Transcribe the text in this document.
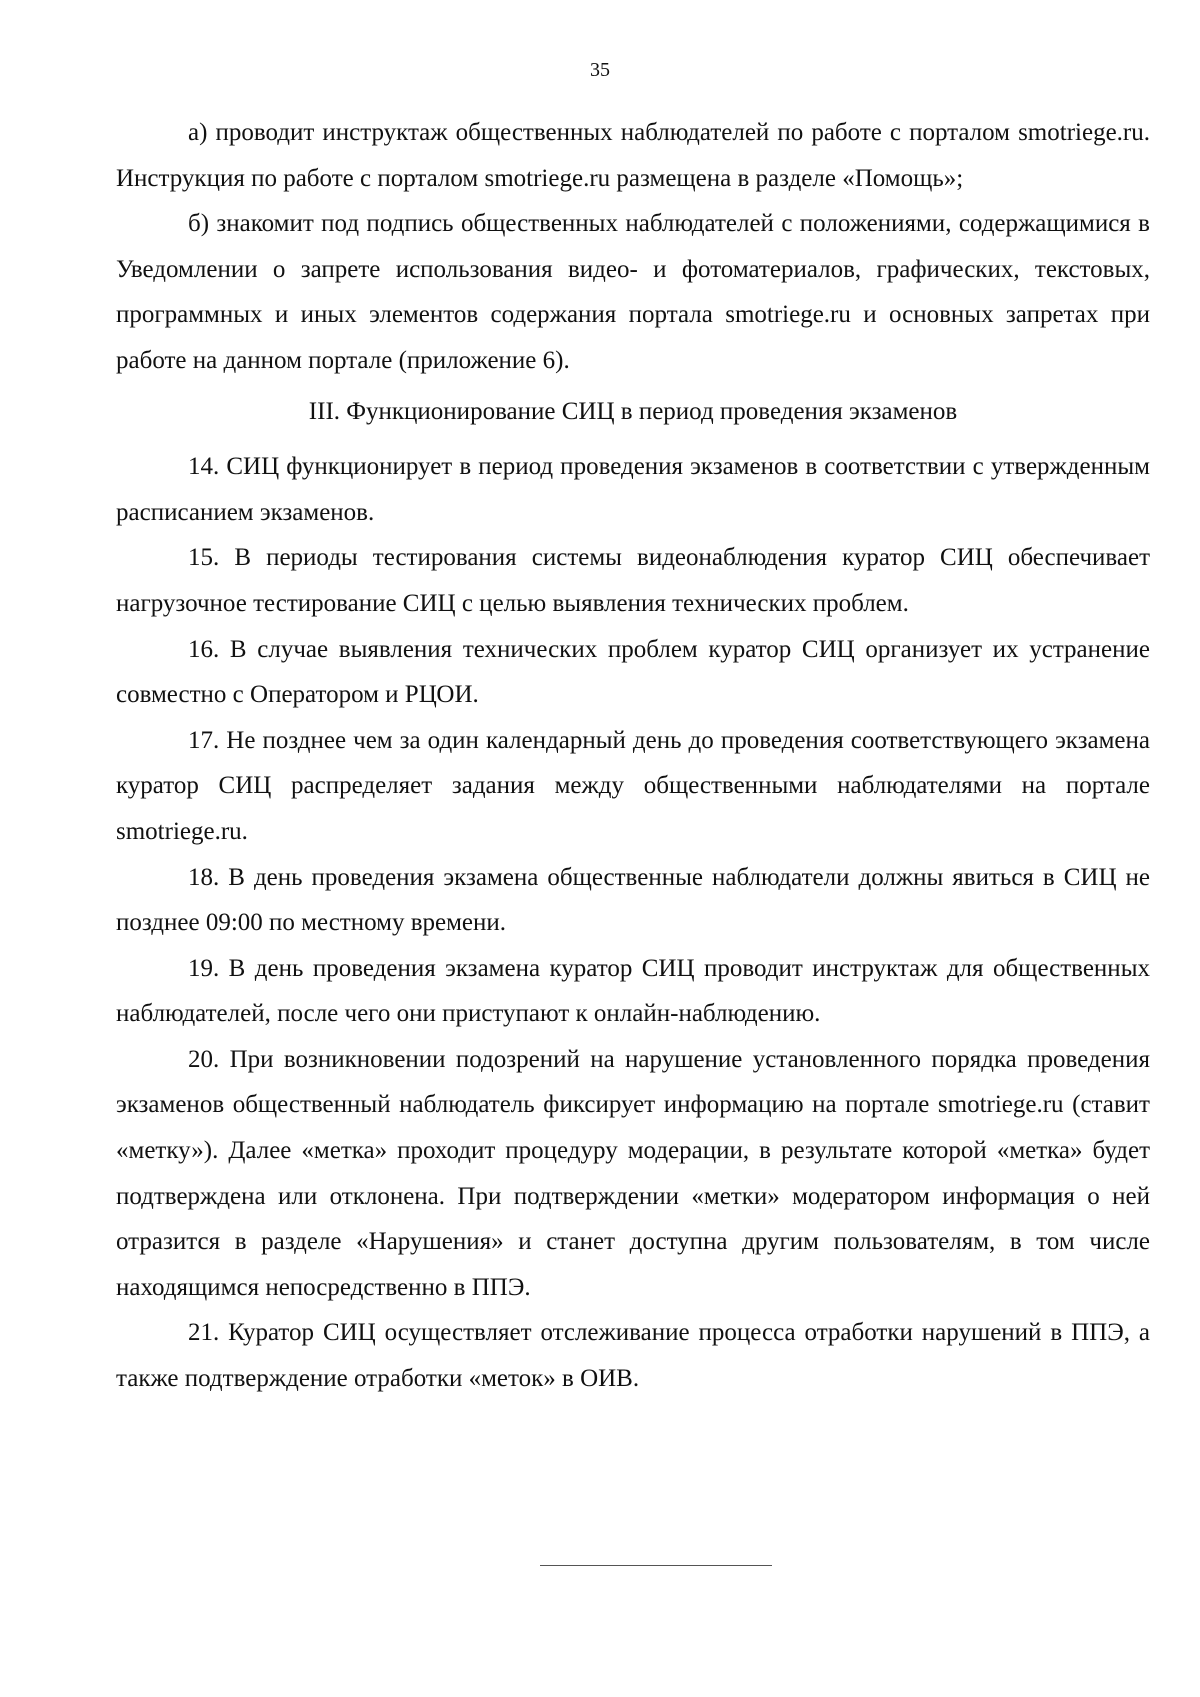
35

а) проводит инструктаж общественных наблюдателей по работе с порталом smotriege.ru. Инструкция по работе с порталом smotriege.ru размещена в разделе «Помощь»;

б) знакомит под подпись общественных наблюдателей с положениями, содержащимися в Уведомлении о запрете использования видео- и фотоматериалов, графических, текстовых, программных и иных элементов содержания портала smotriege.ru и основных запретах при работе на данном портале (приложение 6).

III. Функционирование СИЦ в период проведения экзаменов

14. СИЦ функционирует в период проведения экзаменов в соответствии с утвержденным расписанием экзаменов.

15. В периоды тестирования системы видеонаблюдения куратор СИЦ обеспечивает нагрузочное тестирование СИЦ с целью выявления технических проблем.

16. В случае выявления технических проблем куратор СИЦ организует их устранение совместно с Оператором и РЦОИ.

17. Не позднее чем за один календарный день до проведения соответствующего экзамена куратор СИЦ распределяет задания между общественными наблюдателями на портале smotriege.ru.

18. В день проведения экзамена общественные наблюдатели должны явиться в СИЦ не позднее 09:00 по местному времени.

19. В день проведения экзамена куратор СИЦ проводит инструктаж для общественных наблюдателей, после чего они приступают к онлайн-наблюдению.

20. При возникновении подозрений на нарушение установленного порядка проведения экзаменов общественный наблюдатель фиксирует информацию на портале smotriege.ru (ставит «метку»). Далее «метка» проходит процедуру модерации, в результате которой «метка» будет подтверждена или отклонена. При подтверждении «метки» модератором информация о ней отразится в разделе «Нарушения» и станет доступна другим пользователям, в том числе находящимся непосредственно в ППЭ.

21. Куратор СИЦ осуществляет отслеживание процесса отработки нарушений в ППЭ, а также подтверждение отработки «меток» в ОИВ.
